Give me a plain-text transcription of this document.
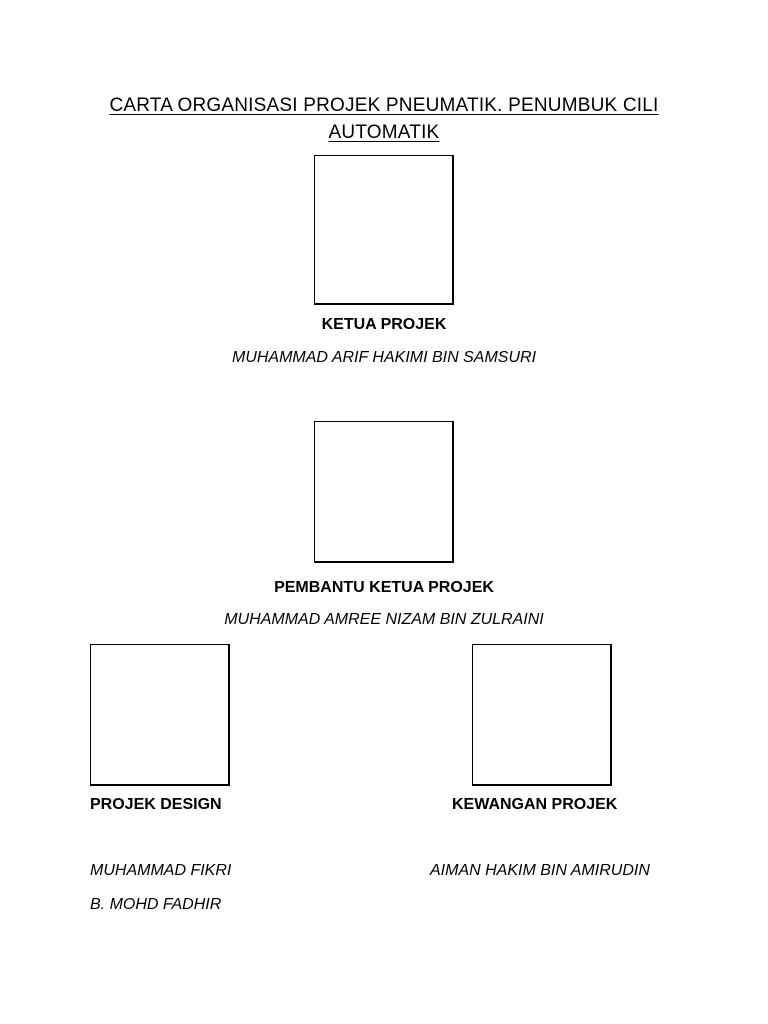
CARTA ORGANISASI PROJEK PNEUMATIK. PENUMBUK CILI
AUTOMATIK
KETUA PROJEK
MUHAMMAD ARIF HAKIMI BIN SAMSURI
PEMBANTU KETUA PROJEK
MUHAMMAD AMREE NIZAM BIN ZULRAINI
PROJEK DESIGN
MUHAMMAD FIKRI
B. MOHD FADHIR
KEWANGAN PROJEK
AIMAN HAKIM BIN AMIRUDIN
